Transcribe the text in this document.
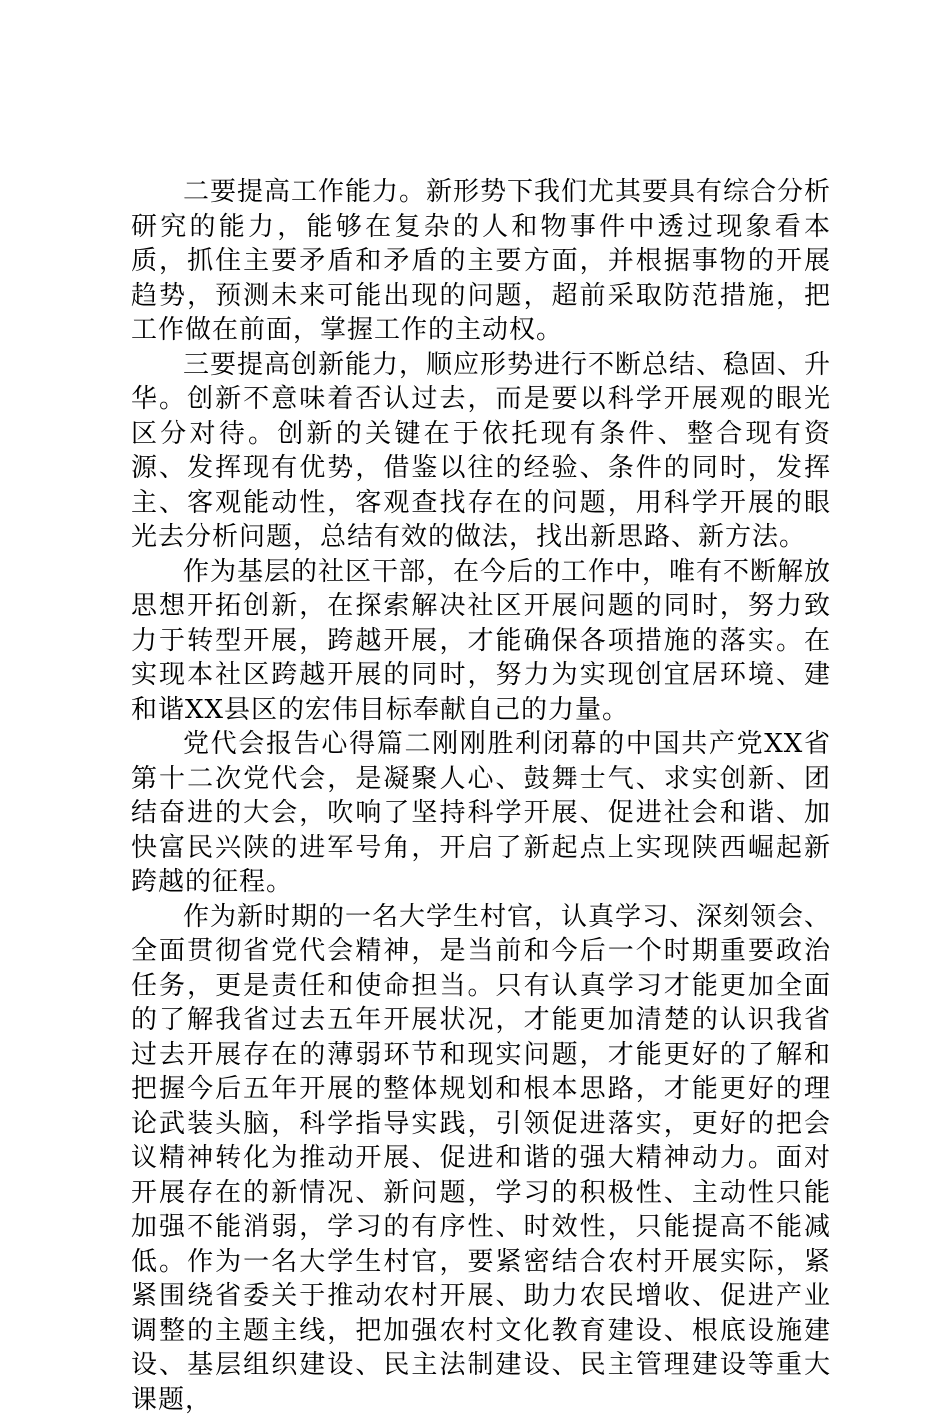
二要提高工作能力。新形势下我们尤其要具有综合分析研究的能力，能够在复杂的人和物事件中透过现象看本质，抓住主要矛盾和矛盾的主要方面，并根据事物的开展趋势，预测未来可能出现的问题，超前采取防范措施，把工作做在前面，掌握工作的主动权。

三要提高创新能力，顺应形势进行不断总结、稳固、升华。创新不意味着否认过去，而是要以科学开展观的眼光区分对待。创新的关键在于依托现有条件、整合现有资源、发挥现有优势，借鉴以往的经验、条件的同时，发挥主、客观能动性，客观查找存在的问题，用科学开展的眼光去分析问题，总结有效的做法，找出新思路、新方法。

作为基层的社区干部，在今后的工作中，唯有不断解放思想开拓创新，在探索解决社区开展问题的同时，努力致力于转型开展，跨越开展，才能确保各项措施的落实。在实现本社区跨越开展的同时，努力为实现创宜居环境、建和谐XX县区的宏伟目标奉献自己的力量。

党代会报告心得篇二刚刚胜利闭幕的中国共产党XX省第十二次党代会，是凝聚人心、鼓舞士气、求实创新、团结奋进的大会，吹响了坚持科学开展、促进社会和谐、加快富民兴陕的进军号角，开启了新起点上实现陕西崛起新跨越的征程。

作为新时期的一名大学生村官，认真学习、深刻领会、全面贯彻省党代会精神，是当前和今后一个时期重要政治任务，更是责任和使命担当。只有认真学习才能更加全面的了解我省过去五年开展状况，才能更加清楚的认识我省过去开展存在的薄弱环节和现实问题，才能更好的了解和把握今后五年开展的整体规划和根本思路，才能更好的理论武装头脑，科学指导实践，引领促进落实，更好的把会议精神转化为推动开展、促进和谐的强大精神动力。面对开展存在的新情况、新问题，学习的积极性、主动性只能加强不能消弱，学习的有序性、时效性，只能提高不能减低。作为一名大学生村官，要紧密结合农村开展实际，紧紧围绕省委关于推动农村开展、助力农民增收、促进产业调整的主题主线，把加强农村文化教育建设、根底设施建设、基层组织建设、民主法制建设、民主管理建设等重大课题，
